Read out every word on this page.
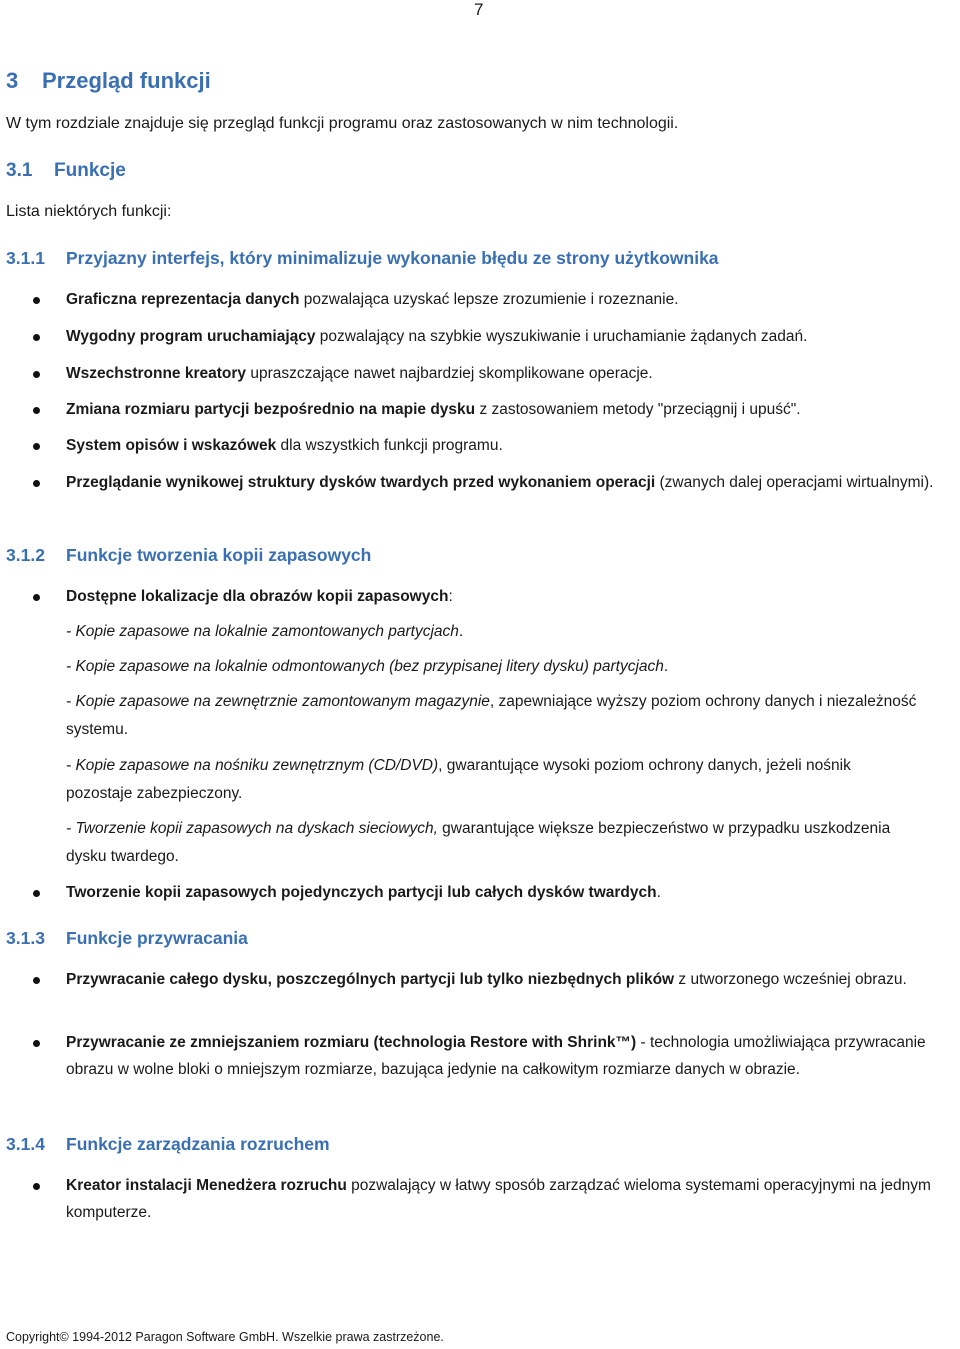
7
3 Przegląd funkcji
W tym rozdziale znajduje się przegląd funkcji programu oraz zastosowanych w nim technologii.
3.1 Funkcje
Lista niektórych funkcji:
3.1.1 Przyjazny interfejs, który minimalizuje wykonanie błędu ze strony użytkownika
Graficzna reprezentacja danych pozwalająca uzyskać lepsze zrozumienie i rozeznanie.
Wygodny program uruchamiający pozwalający na szybkie wyszukiwanie i uruchamianie żądanych zadań.
Wszechstronne kreatory upraszczające nawet najbardziej skomplikowane operacje.
Zmiana rozmiaru partycji bezpośrednio na mapie dysku z zastosowaniem metody "przeciągnij i upuść".
System opisów i wskazówek dla wszystkich funkcji programu.
Przeglądanie wynikowej struktury dysków twardych przed wykonaniem operacji (zwanych dalej operacjami wirtualnymi).
3.1.2 Funkcje tworzenia kopii zapasowych
Dostępne lokalizacje dla obrazów kopii zapasowych:
- Kopie zapasowe na lokalnie zamontowanych partycjach.
- Kopie zapasowe na lokalnie odmontowanych (bez przypisanej litery dysku) partycjach.
- Kopie zapasowe na zewnętrznie zamontowanym magazynie, zapewniające wyższy poziom ochrony danych i niezależność systemu.
- Kopie zapasowe na nośniku zewnętrznym (CD/DVD), gwarantujące wysoki poziom ochrony danych, jeżeli nośnik pozostaje zabezpieczony.
- Tworzenie kopii zapasowych na dyskach sieciowych, gwarantujące większe bezpieczeństwo w przypadku uszkodzenia dysku twardego.
Tworzenie kopii zapasowych pojedynczych partycji lub całych dysków twardych.
3.1.3 Funkcje przywracania
Przywracanie całego dysku, poszczególnych partycji lub tylko niezbędnych plików z utworzonego wcześniej obrazu.
Przywracanie ze zmniejszaniem rozmiaru (technologia Restore with Shrink™) - technologia umożliwiająca przywracanie obrazu w wolne bloki o mniejszym rozmiarze, bazująca jedynie na całkowitym rozmiarze danych w obrazie.
3.1.4 Funkcje zarządzania rozruchem
Kreator instalacji Menedżera rozruchu pozwalający w łatwy sposób zarządzać wieloma systemami operacyjnymi na jednym komputerze.
Copyright© 1994-2012 Paragon Software GmbH. Wszelkie prawa zastrzeżone.
